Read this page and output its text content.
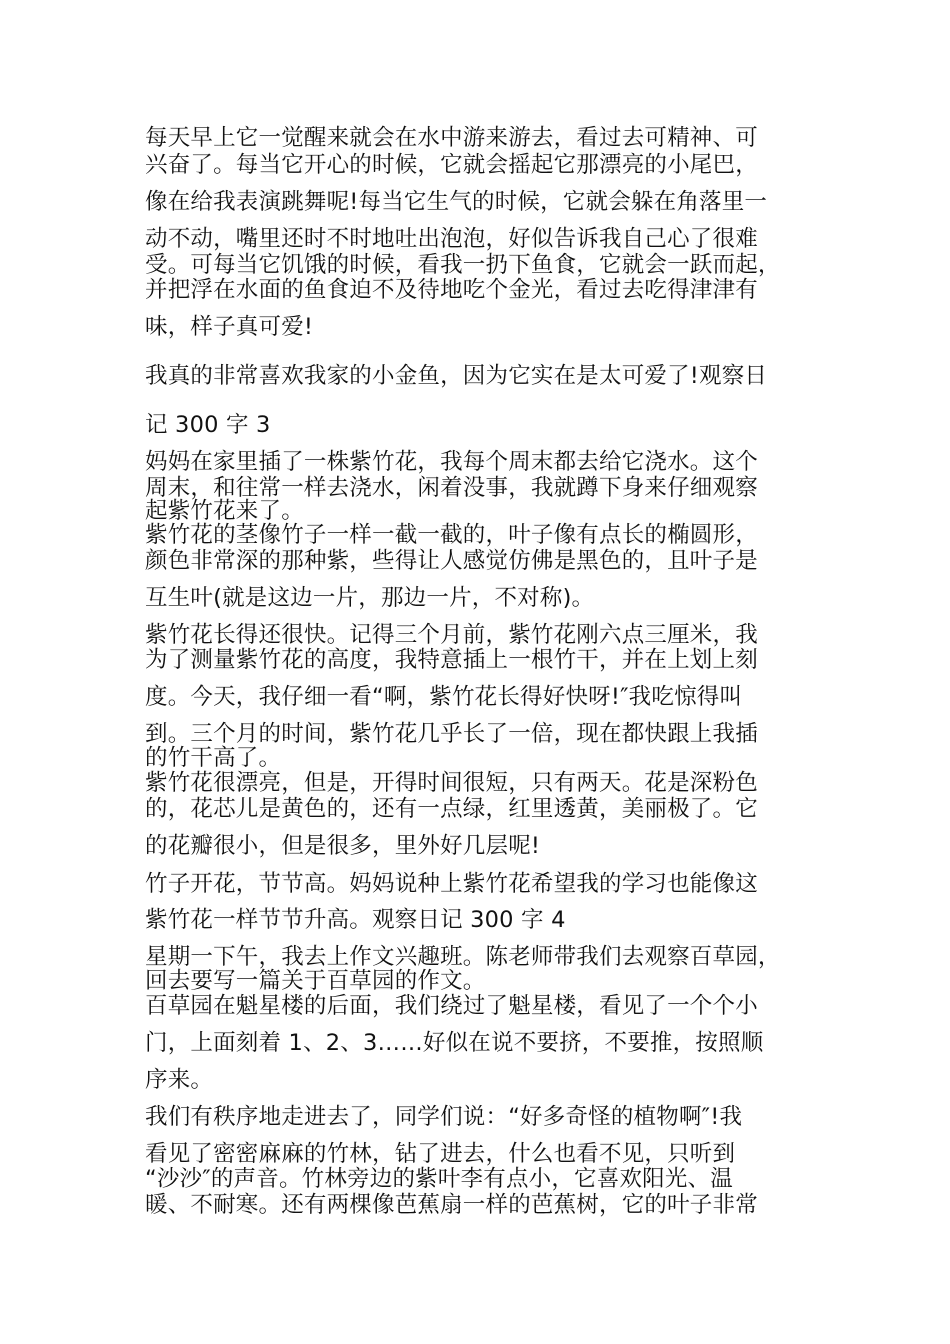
每天早上它一觉醒来就会在水中游来游去，看过去可精神、可
兴奋了。每当它开心的时候，它就会摇起它那漂亮的小尾巴，
像在给我表演跳舞呢!每当它生气的时候，它就会躲在角落里一
动不动，嘴里还时不时地吐出泡泡，好似告诉我自己心了很难
受。可每当它饥饿的时候，看我一扔下鱼食，它就会一跃而起，
并把浮在水面的鱼食迫不及待地吃个金光，看过去吃得津津有
味，样子真可爱!
我真的非常喜欢我家的小金鱼，因为它实在是太可爱了!观察日
记 300 字 3
妈妈在家里插了一株紫竹花，我每个周末都去给它浇水。这个
周末，和往常一样去浇水，闲着没事，我就蹲下身来仔细观察
起紫竹花来了。
紫竹花的茎像竹子一样一截一截的，叶子像有点长的椭圆形，
颜色非常深的那种紫，些得让人感觉仿佛是黑色的，且叶子是
互生叶(就是这边一片，那边一片，不对称)。
紫竹花长得还很快。记得三个月前，紫竹花刚六点三厘米，我
为了测量紫竹花的高度，我特意插上一根竹干，并在上划上刻
度。今天，我仔细一看“啊，紫竹花长得好快呀!″我吃惊得叫
到。三个月的时间，紫竹花几乎长了一倍，现在都快跟上我插
的竹干高了。
紫竹花很漂亮，但是，开得时间很短，只有两天。花是深粉色
的，花芯儿是黄色的，还有一点绿，红里透黄，美丽极了。它
的花瓣很小，但是很多，里外好几层呢!
竹子开花，节节高。妈妈说种上紫竹花希望我的学习也能像这
紫竹花一样节节升高。观察日记 300 字 4
星期一下午，我去上作文兴趣班。陈老师带我们去观察百草园，
回去要写一篇关于百草园的作文。
百草园在魁星楼的后面，我们绕过了魁星楼，看见了一个个小
门，上面刻着 1、2、3……好似在说不要挤，不要推，按照顺
序来。
我们有秩序地走进去了，同学们说：“好多奇怪的植物啊″!我
看见了密密麻麻的竹林，钻了进去，什么也看不见，只听到
“沙沙″的声音。竹林旁边的紫叶李有点小，它喜欢阳光、温
暖、不耐寒。还有两棵像芭蕉扇一样的芭蕉树，它的叶子非常
